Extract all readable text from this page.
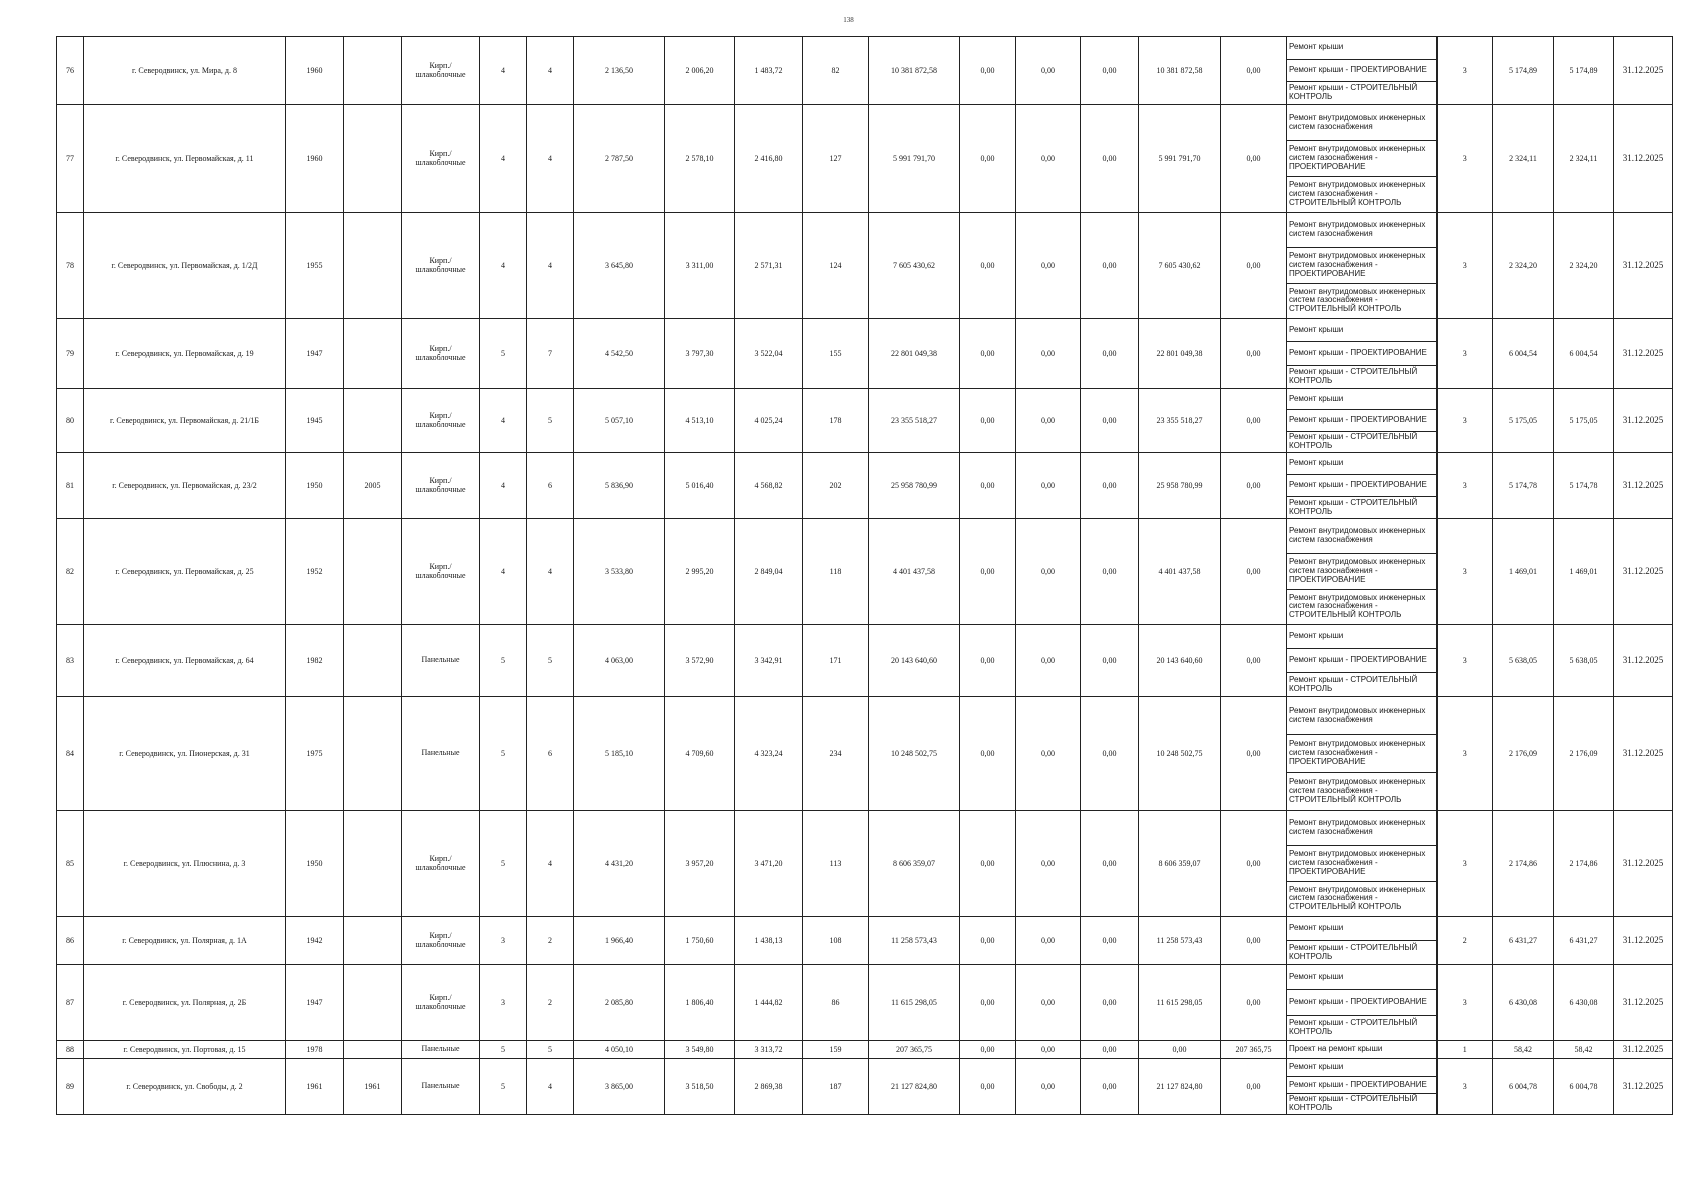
138
76	г. Северодвинск, ул. Мира, д. 8	1960		Кирп./ шлакоблочные	4	4	2 136,50	2 006,20	1 483,72	82	10 381 872,58	0,00	0,00	0,00	10 381 872,58	0,00	Ремонт крыши
Ремонт крыши - ПРОЕКТИРОВАНИЕ
Ремонт крыши - СТРОИТЕЛЬНЫЙ КОНТРОЛЬ	3	5 174,89	5 174,89	31.12.2025
77	г. Северодвинск, ул. Первомайская, д. 11	1960		Кирп./ шлакоблочные	4	4	2 787,50	2 578,10	2 416,80	127	5 991 791,70	0,00	0,00	0,00	5 991 791,70	0,00	Ремонт внутридомовых инженерных систем газоснабжения
Ремонт внутридомовых инженерных систем газоснабжения - ПРОЕКТИРОВАНИЕ
Ремонт внутридомовых инженерных систем газоснабжения - СТРОИТЕЛЬНЫЙ КОНТРОЛЬ	3	2 324,11	2 324,11	31.12.2025
78	г. Северодвинск, ул. Первомайская, д. 1/2Д	1955		Кирп./ шлакоблочные	4	4	3 645,80	3 311,00	2 571,31	124	7 605 430,62	0,00	0,00	0,00	7 605 430,62	0,00	Ремонт внутридомовых инженерных систем газоснабжения
Ремонт внутридомовых инженерных систем газоснабжения - ПРОЕКТИРОВАНИЕ
Ремонт внутридомовых инженерных систем газоснабжения - СТРОИТЕЛЬНЫЙ КОНТРОЛЬ	3	2 324,20	2 324,20	31.12.2025
79	г. Северодвинск, ул. Первомайская, д. 19	1947		Кирп./ шлакоблочные	5	7	4 542,50	3 797,30	3 522,04	155	22 801 049,38	0,00	0,00	0,00	22 801 049,38	0,00	Ремонт крыши
Ремонт крыши - ПРОЕКТИРОВАНИЕ
Ремонт крыши - СТРОИТЕЛЬНЫЙ КОНТРОЛЬ	3	6 004,54	6 004,54	31.12.2025
80	г. Северодвинск, ул. Первомайская, д. 21/1Б	1945		Кирп./ шлакоблочные	4	5	5 057,10	4 513,10	4 025,24	178	23 355 518,27	0,00	0,00	0,00	23 355 518,27	0,00	Ремонт крыши
Ремонт крыши - ПРОЕКТИРОВАНИЕ
Ремонт крыши - СТРОИТЕЛЬНЫЙ КОНТРОЛЬ	3	5 175,05	5 175,05	31.12.2025
81	г. Северодвинск, ул. Первомайская, д. 23/2	1950	2005	Кирп./ шлакоблочные	4	6	5 836,90	5 016,40	4 568,82	202	25 958 780,99	0,00	0,00	0,00	25 958 780,99	0,00	Ремонт крыши
Ремонт крыши - ПРОЕКТИРОВАНИЕ
Ремонт крыши - СТРОИТЕЛЬНЫЙ КОНТРОЛЬ	3	5 174,78	5 174,78	31.12.2025
82	г. Северодвинск, ул. Первомайская, д. 25	1952		Кирп./ шлакоблочные	4	4	3 533,80	2 995,20	2 849,04	118	4 401 437,58	0,00	0,00	0,00	4 401 437,58	0,00	Ремонт внутридомовых инженерных систем газоснабжения
Ремонт внутридомовых инженерных систем газоснабжения - ПРОЕКТИРОВАНИЕ
Ремонт внутридомовых инженерных систем газоснабжения - СТРОИТЕЛЬНЫЙ КОНТРОЛЬ	3	1 469,01	1 469,01	31.12.2025
83	г. Северодвинск, ул. Первомайская, д. 64	1982		Панельные	5	5	4 063,00	3 572,90	3 342,91	171	20 143 640,60	0,00	0,00	0,00	20 143 640,60	0,00	Ремонт крыши
Ремонт крыши - ПРОЕКТИРОВАНИЕ
Ремонт крыши - СТРОИТЕЛЬНЫЙ КОНТРОЛЬ	3	5 638,05	5 638,05	31.12.2025
84	г. Северодвинск, ул. Пионерская, д. 31	1975		Панельные	5	6	5 185,10	4 709,60	4 323,24	234	10 248 502,75	0,00	0,00	0,00	10 248 502,75	0,00	Ремонт внутридомовых инженерных систем газоснабжения
Ремонт внутридомовых инженерных систем газоснабжения - ПРОЕКТИРОВАНИЕ
Ремонт внутридомовых инженерных систем газоснабжения - СТРОИТЕЛЬНЫЙ КОНТРОЛЬ	3	2 176,09	2 176,09	31.12.2025
85	г. Северодвинск, ул. Плюснина, д. 3	1950		Кирп./ шлакоблочные	5	4	4 431,20	3 957,20	3 471,20	113	8 606 359,07	0,00	0,00	0,00	8 606 359,07	0,00	Ремонт внутридомовых инженерных систем газоснабжения
Ремонт внутридомовых инженерных систем газоснабжения - ПРОЕКТИРОВАНИЕ
Ремонт внутридомовых инженерных систем газоснабжения - СТРОИТЕЛЬНЫЙ КОНТРОЛЬ	3	2 174,86	2 174,86	31.12.2025
86	г. Северодвинск, ул. Полярная, д. 1А	1942		Кирп./ шлакоблочные	3	2	1 966,40	1 750,60	1 438,13	108	11 258 573,43	0,00	0,00	0,00	11 258 573,43	0,00	Ремонт крыши
Ремонт крыши - СТРОИТЕЛЬНЫЙ КОНТРОЛЬ	2	6 431,27	6 431,27	31.12.2025
87	г. Северодвинск, ул. Полярная, д. 2Б	1947		Кирп./ шлакоблочные	3	2	2 085,80	1 806,40	1 444,82	86	11 615 298,05	0,00	0,00	0,00	11 615 298,05	0,00	Ремонт крыши
Ремонт крыши - ПРОЕКТИРОВАНИЕ
Ремонт крыши - СТРОИТЕЛЬНЫЙ КОНТРОЛЬ	3	6 430,08	6 430,08	31.12.2025
88	г. Северодвинск, ул. Портовая, д. 15	1978		Панельные	5	5	4 050,10	3 549,80	3 313,72	159	207 365,75	0,00	0,00	0,00	0,00	207 365,75	Проект на ремонт крыши	1	58,42	58,42	31.12.2025
89	г. Северодвинск, ул. Свободы, д. 2	1961	1961	Панельные	5	4	3 865,00	3 518,50	2 869,38	187	21 127 824,80	0,00	0,00	0,00	21 127 824,80	0,00	Ремонт крыши
Ремонт крыши - ПРОЕКТИРОВАНИЕ
Ремонт крыши - СТРОИТЕЛЬНЫЙ КОНТРОЛЬ	3	6 004,78	6 004,78	31.12.2025
